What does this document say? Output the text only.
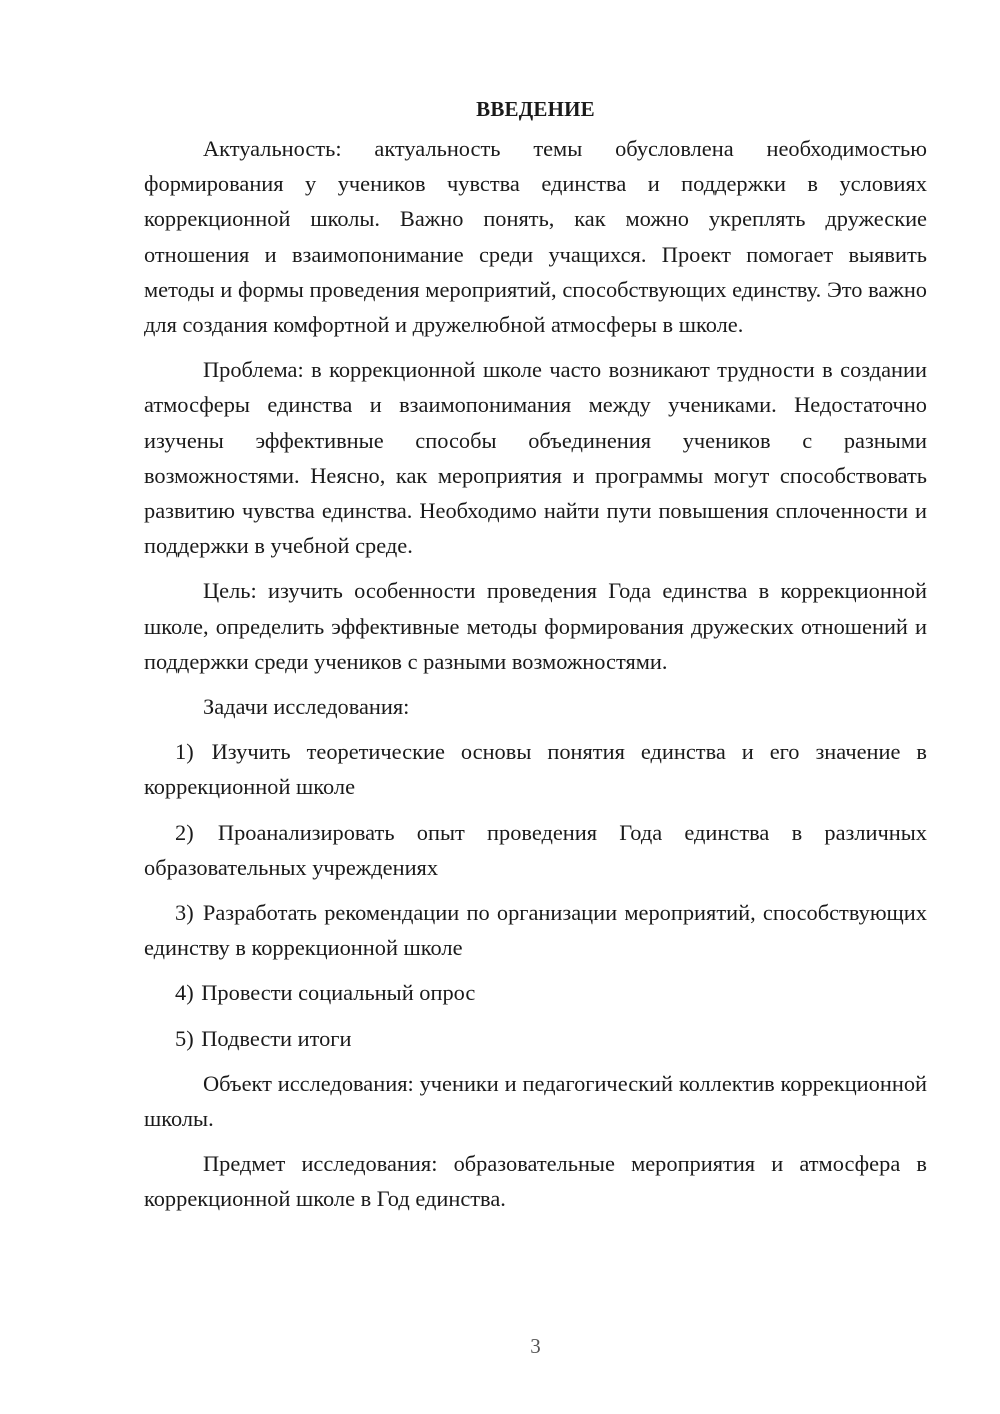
ВВЕДЕНИЕ

Актуальность: актуальность темы обусловлена необходимостью формирования у учеников чувства единства и поддержки в условиях коррекционной школы. Важно понять, как можно укреплять дружеские отношения и взаимопонимание среди учащихся. Проект помогает выявить методы и формы проведения мероприятий, способствующих единству. Это важно для создания комфортной и дружелюбной атмосферы в школе.

Проблема: в коррекционной школе часто возникают трудности в создании атмосферы единства и взаимопонимания между учениками. Недостаточно изучены эффективные способы объединения учеников с разными возможностями. Неясно, как мероприятия и программы могут способствовать развитию чувства единства. Необходимо найти пути повышения сплоченности и поддержки в учебной среде.

Цель: изучить особенности проведения Года единства в коррекционной школе, определить эффективные методы формирования дружеских отношений и поддержки среди учеников с разными возможностями.

Задачи исследования:

1) Изучить теоретические основы понятия единства и его значение в коррекционной школе

2) Проанализировать опыт проведения Года единства в различных образовательных учреждениях

3) Разработать рекомендации по организации мероприятий, способствующих единству в коррекционной школе

4) Провести социальный опрос

5) Подвести итоги

Объект исследования: ученики и педагогический коллектив коррекционной школы.

Предмет исследования: образовательные мероприятия и атмосфера в коррекционной школе в Год единства.

3
